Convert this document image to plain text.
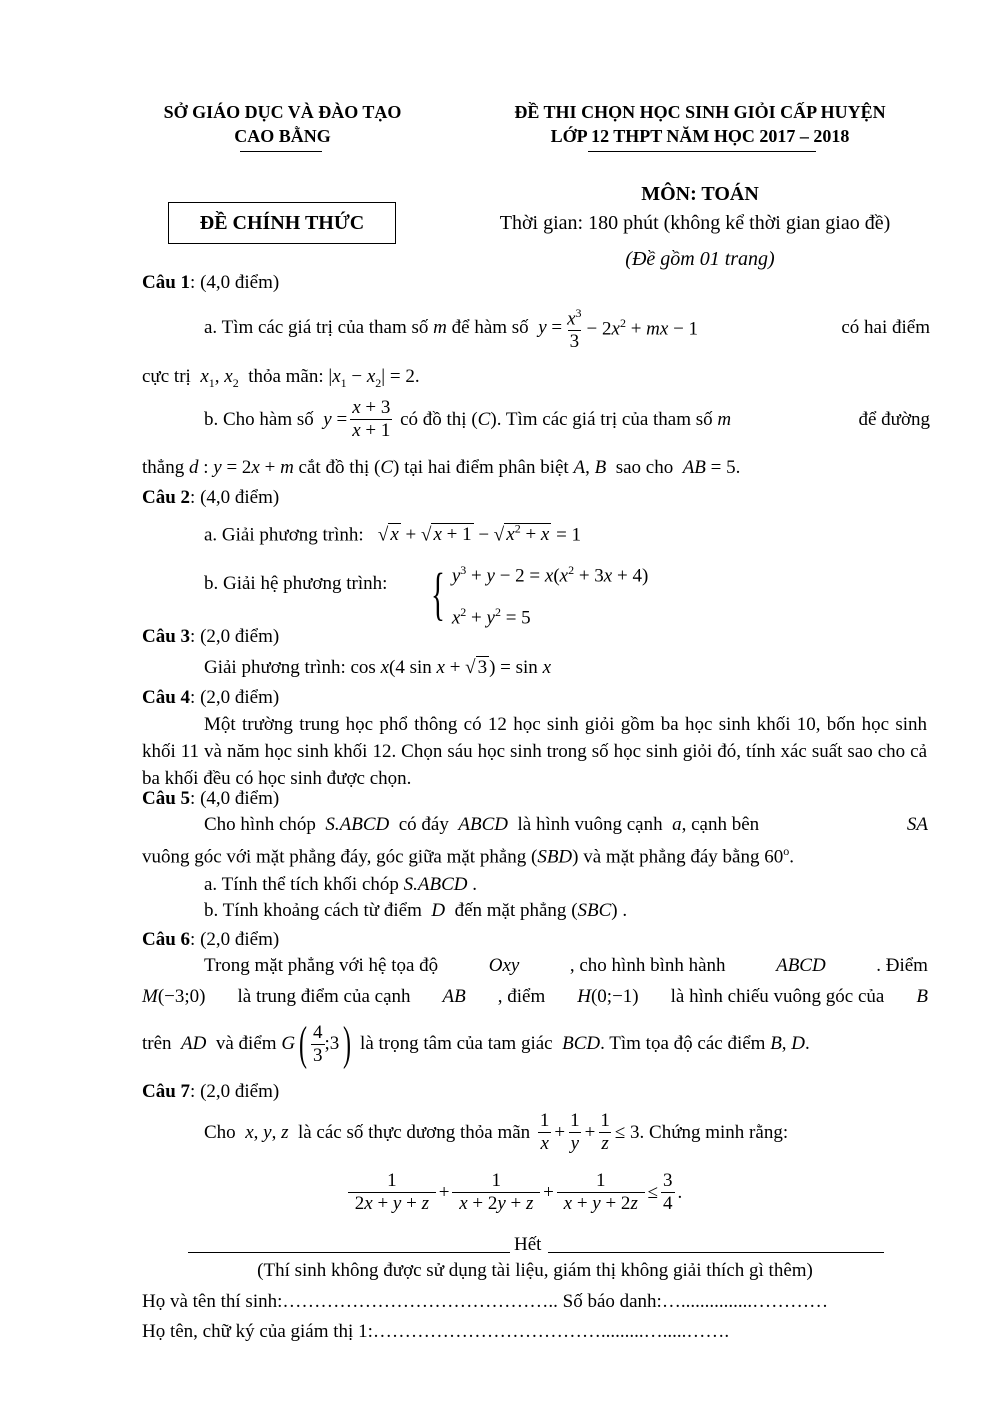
SỞ GIÁO DỤC VÀ ĐÀO TẠO
CAO BẰNG
ĐỀ THI CHỌN HỌC SINH GIỎI CẤP HUYỆN
LỚP 12 THPT NĂM HỌC 2017 – 2018
ĐỀ CHÍNH THỨC
MÔN: TOÁN
Thời gian: 180 phút (không kể thời gian giao đề)
(Đề gồm 01 trang)
Câu 1: (4,0 điểm)
a. Tìm các giá trị của tham số
m
để hàm số
$y = \frac{x^3}{3} - 2x^2$ + mx − 1
	có hai điểm
cực trị $x_1$, $x_2$ thỏa mãn: $|x_1 - x_2| = 2$.
b. Cho hàm số
$y = \frac{x + 3}{x + 1}$
có đồ thị ( C ) . Tìm các giá trị của tham số
m
	để đường
thẳng d : y = 2x + m cắt đồ thị (C) tại hai điểm phân biệt A, B sao cho AB = 5.
Câu 2: (4,0 điểm)
a. Giải phương trình:   √ x + √ x + 1 − √ $x^2 + x = 1$
b. Giải hệ phương trình: { $y^3 + y - 2 = x(x^2 + 3x + 4)$
$x^2 + y^2 = 5$
Câu 3: (2,0 điểm)
Giải phương trình: cos x(4 sin x + √ 3 ) = sin x
Câu 4: (2,0 điểm)
Một trường trung học phổ thông có 12 học sinh giỏi gồm ba học sinh khối 10, bốn học sinh khối 11 và năm học sinh khối 12. Chọn sáu học sinh trong số học sinh giỏi đó, tính xác suất sao cho cả ba khối đều có học sinh được chọn.
Câu 5: (4,0 điểm)
Cho hình chóp
S.ABCD
có đáy
ABCD
là hình vuông cạnh
a , cạnh bên	SA
vuông góc với mặt phẳng đáy, góc giữa mặt phẳng (SBD) và mặt phẳng đáy bằng 60$^o$.
a. Tính thể tích khối chóp S.ABCD .
b. Tính khoảng cách từ điểm D đến mặt phẳng (SBC) .
Câu 6: (2,0 điểm)
Trong mặt phẳng với hệ tọa độ	Oxy	, cho hình bình hành	ABCD	. Điểm
M(−3;0) là trung điểm của cạnh AB , điểm H(0;−1) là hình chiếu vuông góc của B
trên
AD
và điểm
G ( $\frac{4}{3}$ ;3 )
là trọng tâm của tam giác
BCD . Tìm tọa độ các điểm
B , D .
Câu 7: (2,0 điểm)
Cho
x , y , z
là các số thực dương thỏa mãn
$\frac{1}{x} + \frac{1}{y} + \frac{1}{z} \le 3$ . Chứng minh rằng:
$\frac{1}{2x + y + z} + \frac{1}{x + 2y + z} + \frac{1}{x + y + 2z} \le \frac{3}{4}$ .
Hết
(Thí sinh không được sử dụng tài liệu, giám thị không giải thích gì thêm)
Họ và tên thí sinh:…………………………………….. Số báo danh:…...............…………
Họ tên, chữ ký của giám thị 1:……………………………….........….....…….
